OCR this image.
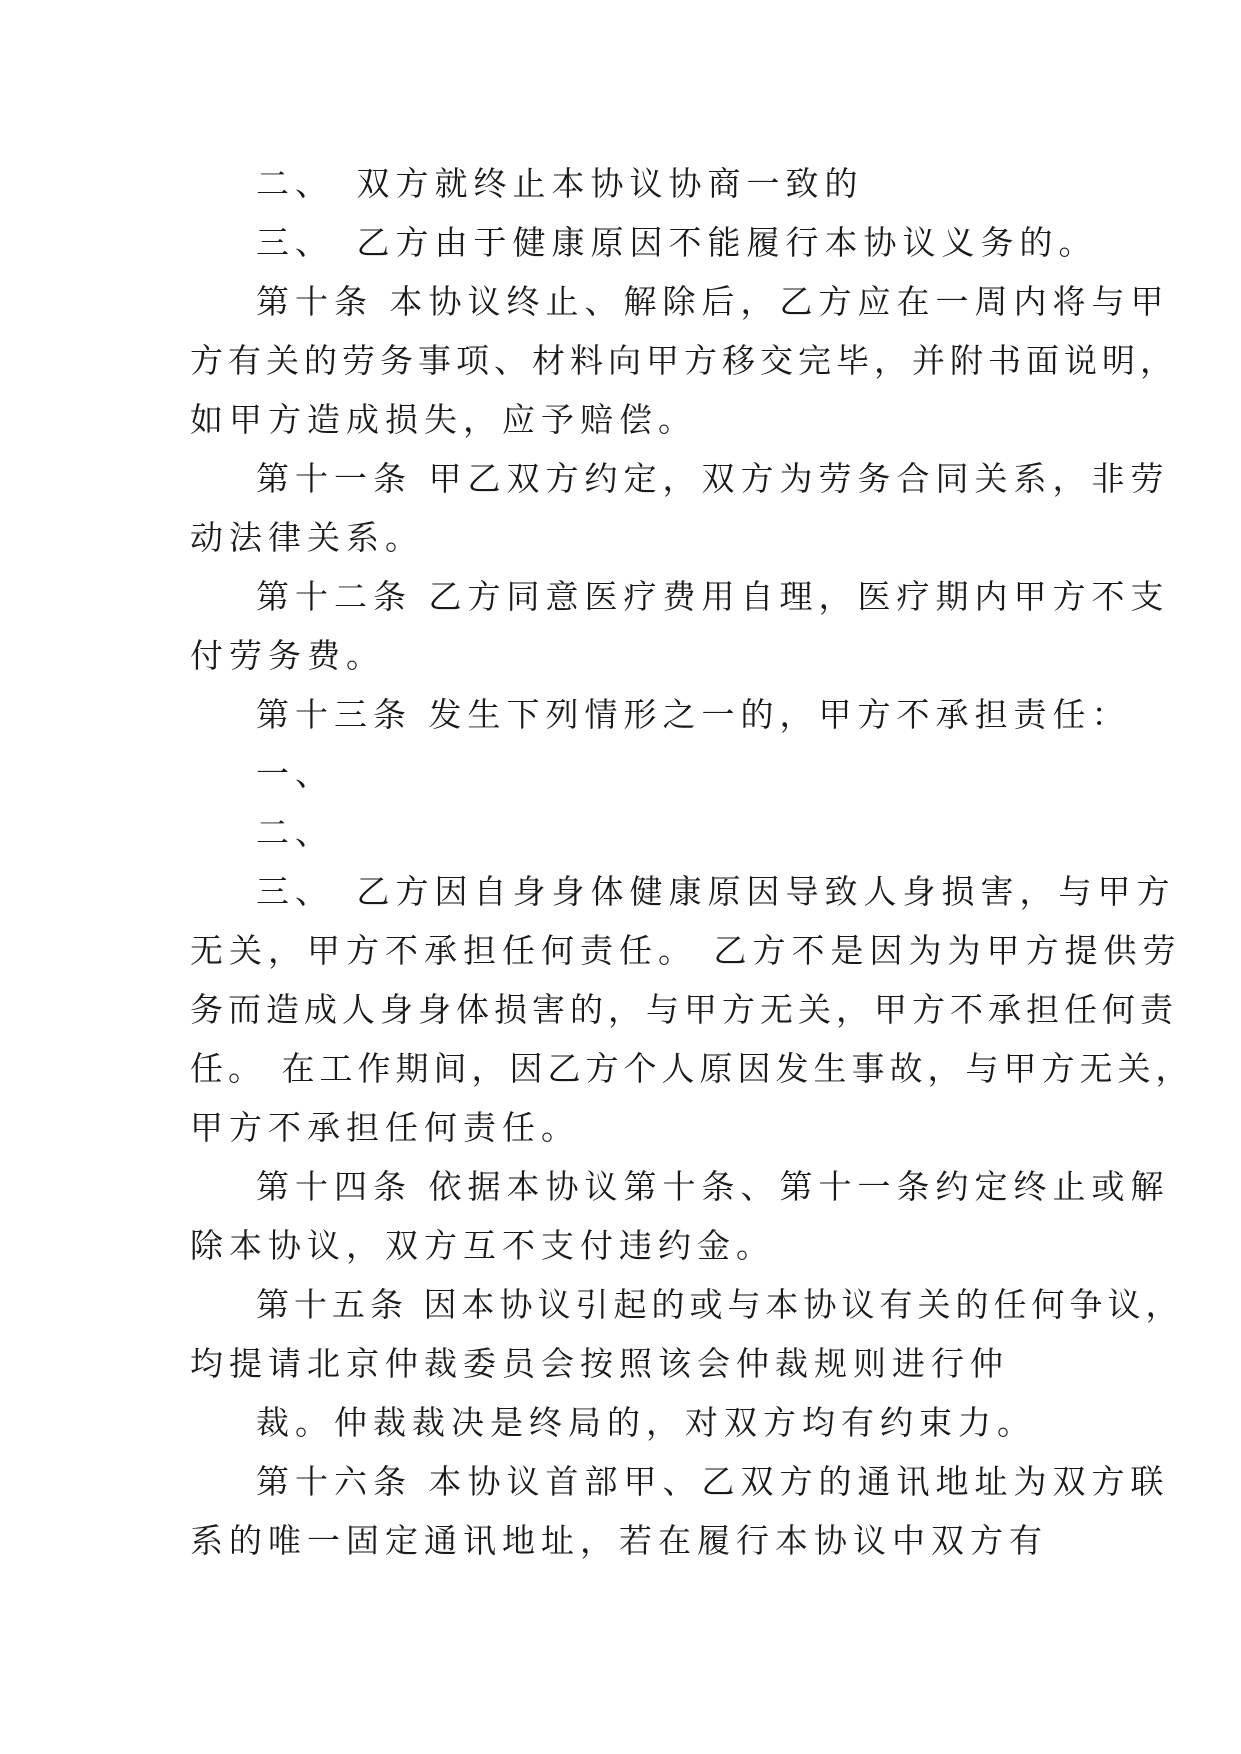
二、　双方就终止本协议协商一致的

三、　乙方由于健康原因不能履行本协议义务的。

第十条 本协议终止、解除后，乙方应在一周内将与甲

方有关的劳务事项、材料向甲方移交完毕，并附书面说明，

如甲方造成损失，应予赔偿。

第十一条 甲乙双方约定，双方为劳务合同关系，非劳

动法律关系。

第十二条 乙方同意医疗费用自理，医疗期内甲方不支

付劳务费。

第十三条 发生下列情形之一的，甲方不承担责任：

一、

二、

三、　乙方因自身身体健康原因导致人身损害，与甲方

无关，甲方不承担任何责任。 乙方不是因为为甲方提供劳

务而造成人身身体损害的，与甲方无关，甲方不承担任何责

任。 在工作期间，因乙方个人原因发生事故，与甲方无关，

甲方不承担任何责任。

第十四条 依据本协议第十条、第十一条约定终止或解

除本协议，双方互不支付违约金。

第十五条 因本协议引起的或与本协议有关的任何争议，

均提请北京仲裁委员会按照该会仲裁规则进行仲

裁。仲裁裁决是终局的，对双方均有约束力。

第十六条 本协议首部甲、乙双方的通讯地址为双方联

系的唯一固定通讯地址，若在履行本协议中双方有
